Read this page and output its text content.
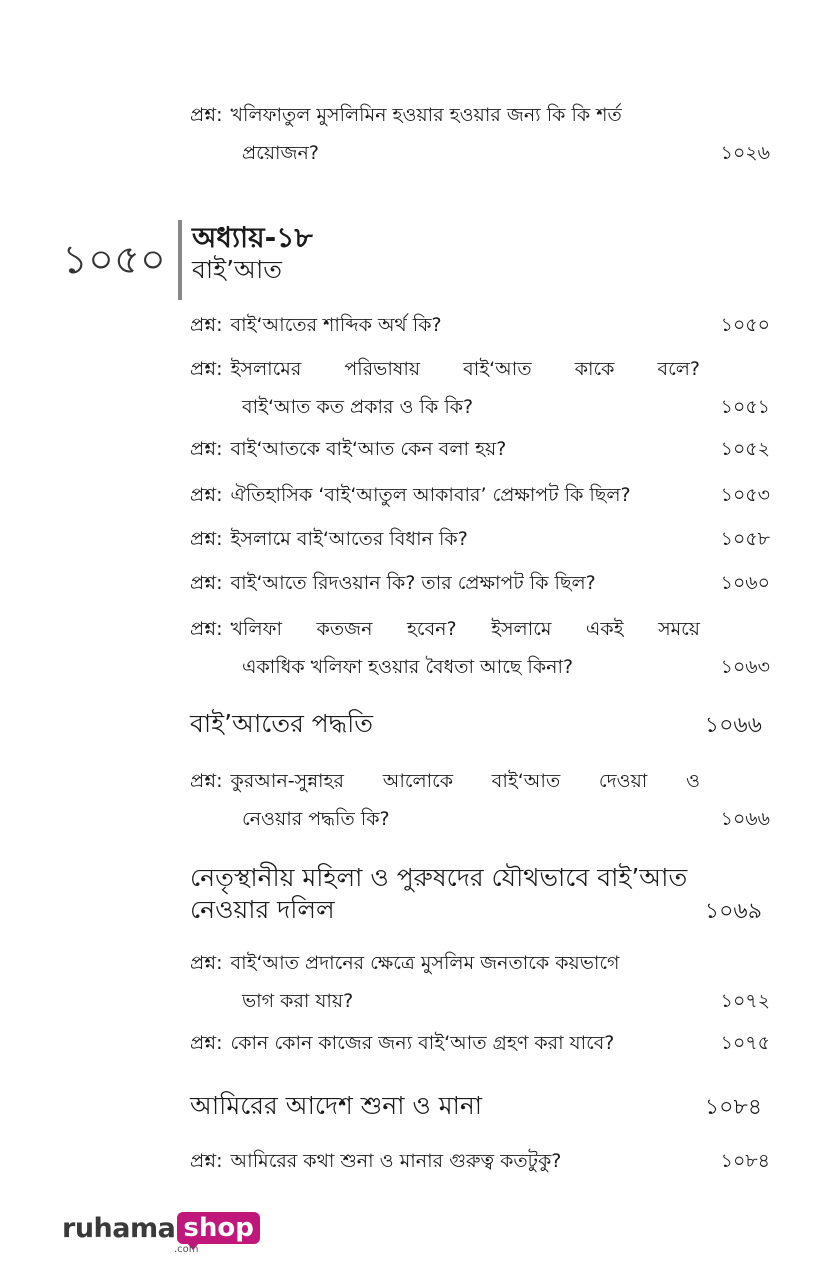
প্রশ্ন: খলিফাতুল মুসলিমিন হওয়ার হওয়ার জন্য কি কি শর্ত
প্রয়োজন?	১০২৬
১০৫০ অধ্যায়-১৮
বাই’আত
প্রশ্ন: বাই‘আতের শাব্দিক অর্থ কি?	১০৫০
প্রশ্ন: ইসলামের পরিভাষায় বাই‘আত কাকে বলে?
বাই‘আত কত প্রকার ও কি কি?	১০৫১
প্রশ্ন: বাই‘আতকে বাই‘আত কেন বলা হয়?	১০৫২
প্রশ্ন: ঐতিহাসিক ‘বাই‘আতুল আকাবার’ প্রেক্ষাপট কি ছিল?	১০৫৩
প্রশ্ন: ইসলামে বাই‘আতের বিধান কি?	১০৫৮
প্রশ্ন: বাই‘আতে রিদওয়ান কি? তার প্রেক্ষাপট কি ছিল?	১০৬০
প্রশ্ন: খলিফা কতজন হবেন? ইসলামে একই সময়ে
একাধিক খলিফা হওয়ার বৈধতা আছে কিনা?	১০৬৩
বাই’আতের পদ্ধতি	১০৬৬
প্রশ্ন: কুরআন-সুন্নাহর আলোকে বাই‘আত দেওয়া ও
নেওয়ার পদ্ধতি কি?	১০৬৬
নেতৃস্থানীয় মহিলা ও পুরুষদের যৌথভাবে বাই’আত
নেওয়ার দলিল	১০৬৯
প্রশ্ন: বাই‘আত প্রদানের ক্ষেত্রে মুসলিম জনতাকে কয়ভাগে
ভাগ করা যায়?	১০৭২
প্রশ্ন: কোন কোন কাজের জন্য বাই‘আত গ্রহণ করা যাবে?	১০৭৫
আমিরের আদেশ শুনা ও মানা	১০৮৪
প্রশ্ন: আমিরের কথা শুনা ও মানার গুরুত্ব কতটুকু?	১০৮৪
ruhama shop
.com
